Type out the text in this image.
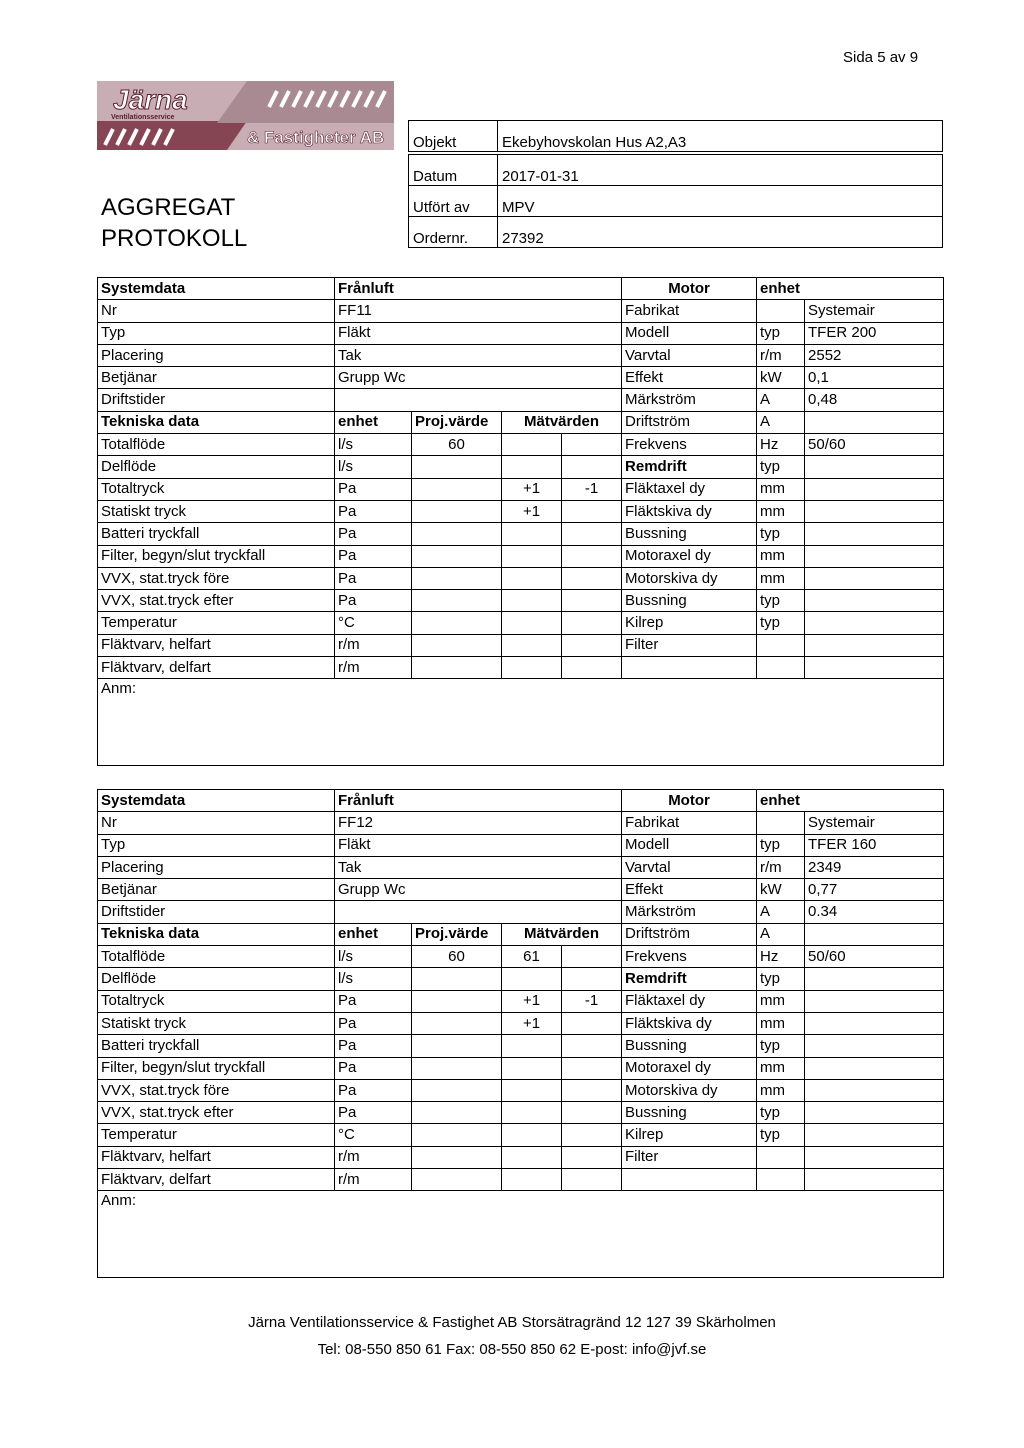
Sida 5 av 9
Järna
Ventilationsservice
& Fastigheter AB
AGGREGAT
PROTOKOLL
Objekt	Ekebyhovskolan Hus A2,A3

Datum	2017-01-31
Utfört av	MPV
Ordernr.	27392
Systemdata	Frånluft				Motor	enhet	
Nr	FF11				Fabrikat		Systemair
Typ	Fläkt				Modell	typ	TFER 200
Placering	Tak				Varvtal	r/m	2552
Betjänar	Grupp Wc				Effekt	kW	0,1
Driftstider					Märkström	A	0,48
Tekniska data	enhet	Proj.värde	Mätvärden		Driftström	A	
Totalflöde	l/s	60			Frekvens	Hz	50/60
Delflöde	l/s				Remdrift	typ	
Totaltryck	Pa		+1	-1	Fläktaxel dy	mm	
Statiskt tryck	Pa		+1		Fläktskiva dy	mm	
Batteri tryckfall	Pa				Bussning	typ	
Filter, begyn/slut tryckfall	Pa				Motoraxel dy	mm	
VVX, stat.tryck före	Pa				Motorskiva dy	mm	
VVX, stat.tryck efter	Pa				Bussning	typ	
Temperatur	°C				Kilrep	typ	
Fläktvarv, helfart	r/m				Filter		
Fläktvarv, delfart	r/m						
Anm:							
Systemdata	Frånluft				Motor	enhet	
Nr	FF12				Fabrikat		Systemair
Typ	Fläkt				Modell	typ	TFER 160
Placering	Tak				Varvtal	r/m	2349
Betjänar	Grupp Wc				Effekt	kW	0,77
Driftstider					Märkström	A	0.34
Tekniska data	enhet	Proj.värde	Mätvärden		Driftström	A	
Totalflöde	l/s	60	61		Frekvens	Hz	50/60
Delflöde	l/s				Remdrift	typ	
Totaltryck	Pa		+1	-1	Fläktaxel dy	mm	
Statiskt tryck	Pa		+1		Fläktskiva dy	mm	
Batteri tryckfall	Pa				Bussning	typ	
Filter, begyn/slut tryckfall	Pa				Motoraxel dy	mm	
VVX, stat.tryck före	Pa				Motorskiva dy	mm	
VVX, stat.tryck efter	Pa				Bussning	typ	
Temperatur	°C				Kilrep	typ	
Fläktvarv, helfart	r/m				Filter		
Fläktvarv, delfart	r/m						
Anm:							
Järna Ventilationsservice & Fastighet AB Storsätragränd 12 127 39 Skärholmen
Tel: 08-550 850 61 Fax: 08-550 850 62 E-post: info@jvf.se
